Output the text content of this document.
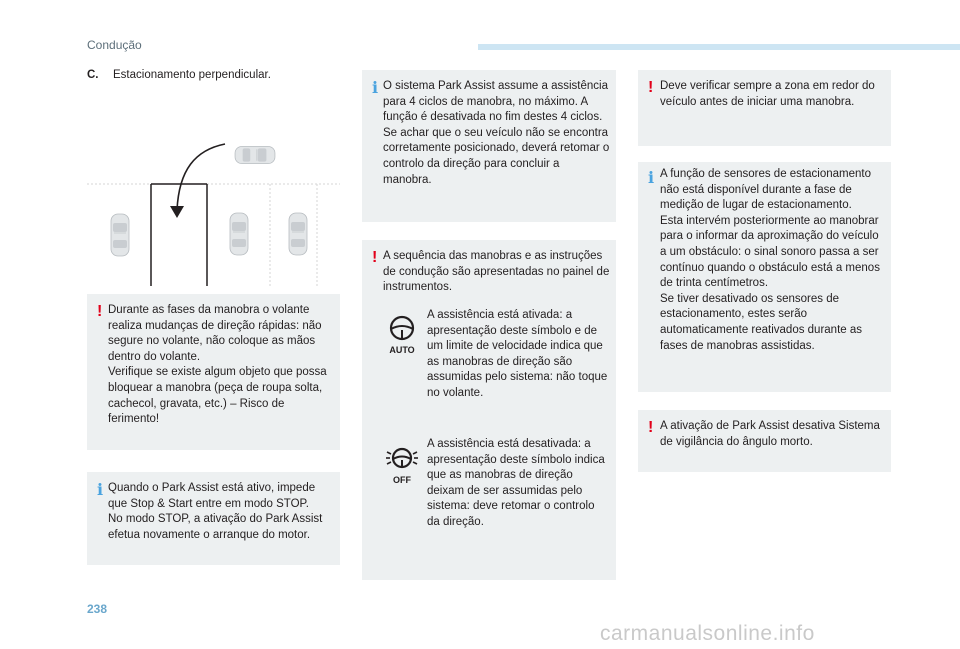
Condução
C. Estacionamento perpendicular.
! Durante as fases da manobra o volante realiza mudanças de direção rápidas: não segure no volante, não coloque as mãos dentro do volante.
Verifique se existe algum objeto que possa bloquear a manobra (peça de roupa solta, cachecol, gravata, etc.) – Risco de ferimento!

i Quando o Park Assist está ativo, impede que Stop & Start entre em modo STOP.
No modo STOP, a ativação do Park Assist efetua novamente o arranque do motor.

i O sistema Park Assist assume a assistência para 4 ciclos de manobra, no máximo. A função é desativada no fim destes 4 ciclos. Se achar que o seu veículo não se encontra corretamente posicionado, deverá retomar o controlo da direção para concluir a manobra.

! A sequência das manobras e as instruções de condução são apresentadas no painel de instrumentos.

AUTO

A assistência está ativada: a apresentação deste símbolo e de um limite de velocidade indica que as manobras de direção são assumidas pelo sistema: não toque no volante.

OFF

A assistência está desativada: a apresentação deste símbolo indica que as manobras de direção deixam de ser assumidas pelo sistema: deve retomar o controlo da direção.

! Deve verificar sempre a zona em redor do veículo antes de iniciar uma manobra.

i A função de sensores de estacionamento não está disponível durante a fase de medição de lugar de estacionamento.
Esta intervém posteriormente ao manobrar para o informar da aproximação do veículo a um obstáculo: o sinal sonoro passa a ser contínuo quando o obstáculo está a menos de trinta centímetros.
Se tiver desativado os sensores de estacionamento, estes serão automaticamente reativados durante as fases de manobras assistidas.

! A ativação de Park Assist desativa Sistema de vigilância do ângulo morto.

238
carmanualsonline.info
